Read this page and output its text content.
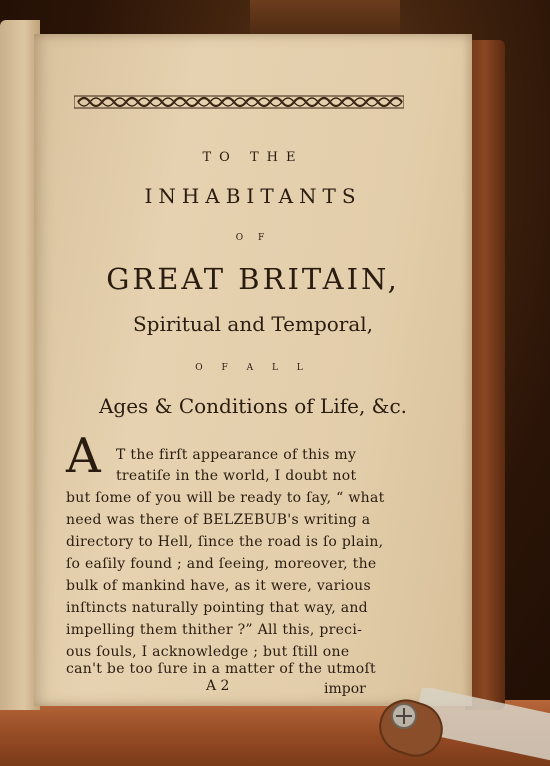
TO THE
INHABITANTS
O F
GREAT BRITAIN,
Spiritual and Temporal,
O F A L L
Ages & Conditions of Life, &c.
A T the firſt appearance of this my
treatiſe in the world, I doubt not
but ſome of you will be ready to ſay, “ what
need was there of BELZEBUB's writing a
directory to Hell, ſince the road is ſo plain,
ſo eaſily found ; and ſeeing, moreover, the
bulk of mankind have, as it were, various
inſtincts naturally pointing that way, and
impelling them thither ?” All this, preci-
ous ſouls, I acknowledge ; but ſtill one
can't be too ſure in a matter of the utmoſt
A 2	impor
